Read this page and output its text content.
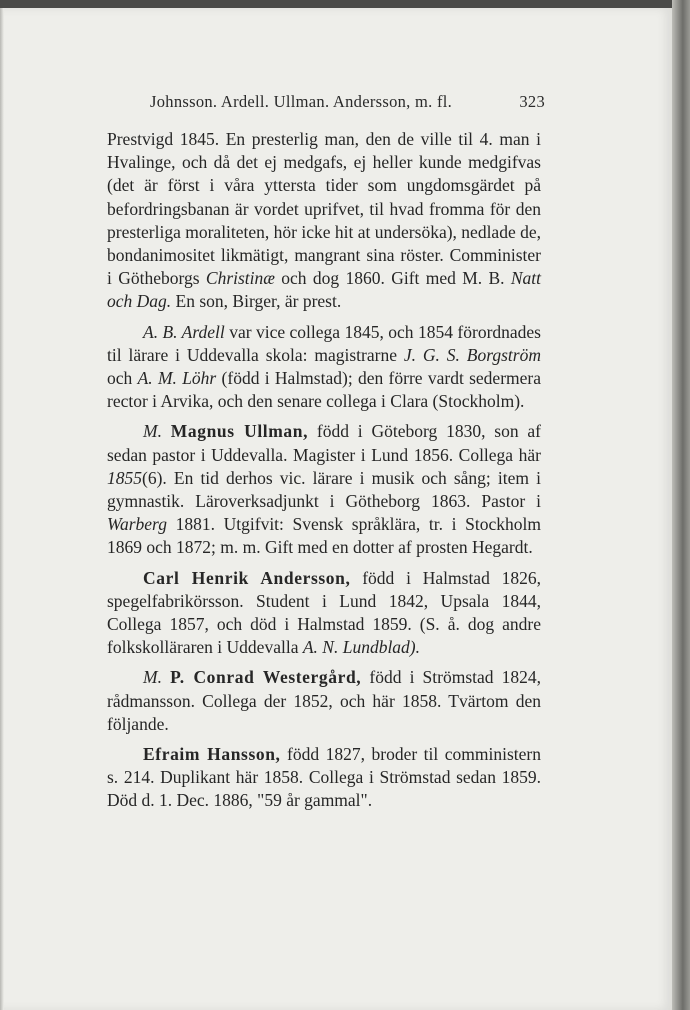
Johnsson. Ardell. Ullman. Andersson, m. fl.	323

Prestvigd 1845. En presterlig man, den de ville til 4. man i Hvalinge, och då det ej medgafs, ej heller kunde medgifvas (det är först i våra yttersta tider som ungdomsgärdet på befordringsbanan är vordet uprifvet, til hvad fromma för den presterliga moraliteten, hör icke hit at undersöka), nedlade de, bondanimositet likmätigt, mangrant sina röster. Comminister i Götheborgs Christinæ och dog 1860. Gift med M. B. Natt och Dag. En son, Birger, är prest.

A. B. Ardell var vice collega 1845, och 1854 förordnades til lärare i Uddevalla skola: magistrarne J. G. S. Borgström och A. M. Löhr (född i Halmstad); den förre vardt sedermera rector i Arvika, och den senare collega i Clara (Stockholm).

M. Magnus Ullman, född i Göteborg 1830, son af sedan pastor i Uddevalla. Magister i Lund 1856. Collega här 1855(6). En tid derhos vic. lärare i musik och sång; item i gymnastik. Läroverksadjunkt i Götheborg 1863. Pastor i Warberg 1881. Utgifvit: Svensk språklära, tr. i Stockholm 1869 och 1872; m. m. Gift med en dotter af prosten Hegardt.

Carl Henrik Andersson, född i Halmstad 1826, spegelfabrikörsson. Student i Lund 1842, Upsala 1844, Collega 1857, och död i Halmstad 1859. (S. å. dog andre folkskolläraren i Uddevalla A. N. Lundblad).

M. P. Conrad Westergård, född i Strömstad 1824, rådmansson. Collega der 1852, och här 1858. Tvärtom den följande.

Efraim Hansson, född 1827, broder til comministern s. 214. Duplikant här 1858. Collega i Strömstad sedan 1859. Död d. 1. Dec. 1886, "59 år gammal".
